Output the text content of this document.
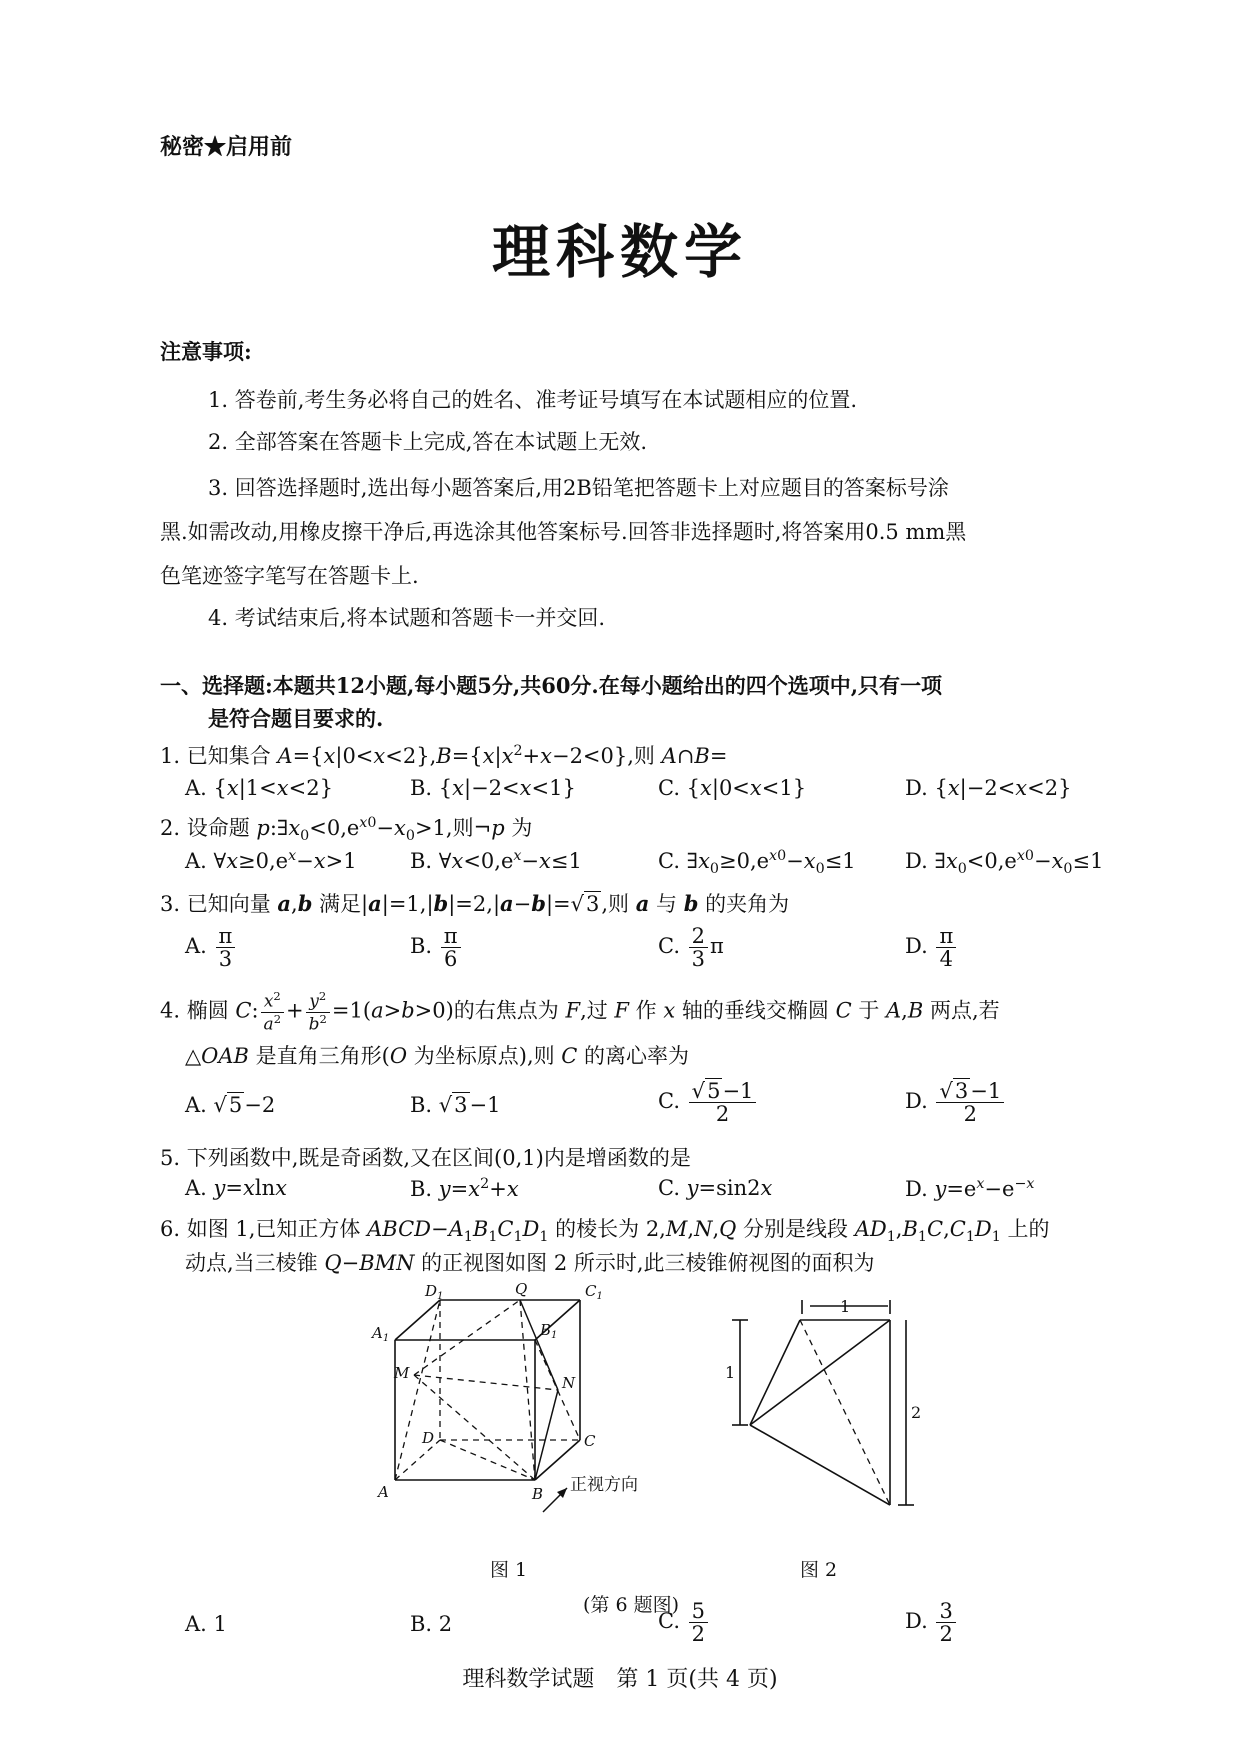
秘密★启用前
理科数学
注意事项:
1. 答卷前,考生务必将自己的姓名、准考证号填写在本试题相应的位置.
2. 全部答案在答题卡上完成,答在本试题上无效.
3. 回答选择题时,选出每小题答案后,用2B铅笔把答题卡上对应题目的答案标号涂
黑.如需改动,用橡皮擦干净后,再选涂其他答案标号.回答非选择题时,将答案用0.5 mm黑
色笔迹签字笔写在答题卡上.
4. 考试结束后,将本试题和答题卡一并交回.
一、选择题:本题共12小题,每小题5分,共60分.在每小题给出的四个选项中,只有一项
是符合题目要求的.
1. 已知集合 $A=\{x|0<x<2\},B=\{x|x^2+x-2<0\}$,则 A∩B=
A. {x|1<x<2}	B. {x|−2<x<1}	C. {x|0<x<1}	D. {x|−2<x<2}
2. 设命题 $p:\exists x_0<0,e^{x0}-x_0>1$,则¬p 为
A. $\forall x\ge 0,e^x-x>1$	B. $\forall x<0,e^x-x\le 1$	C. $\exists x_0\ge 0,e^{x0}-x_0\le 1$ D. $\exists x_0<0,e^{x0}-x_0\le 1$
3. 已知向量 a,b 满足|a|=1,|b|=2,|a−b|=√3,则 a 与 b 的夹角为
A. $\frac{\pi}{3}$	B. $\frac{\pi}{6}$	C. $\frac{2}{3}$ π	D. $\frac{\pi}{4}$
4. 椭圆 C: $\frac{x^2}{a^2} + \frac{y^2}{b^2} =1(a>b>0)$的右焦点为 F,过 F 作 x 轴的垂线交椭圆 C 于 A,B 两点,若
△OAB 是直角三角形(O 为坐标原点),则 C 的离心率为
A. √5−2	B. √3−1	C. $\frac{√5-1}{2}$	D. $\frac{√3-1}{2}$
5. 下列函数中,既是奇函数,又在区间(0,1)内是增函数的是
A. y=xlnx	B. $y=x^2+x$	C. y=sin2x	D. $y=e^x-e^{-x}$
6. 如图 1,已知正方体 $ABCD-A_1B_1C_1D_1$ 的棱长为 2,M,N,Q 分别是线段 $AD_1,B_1C,C_1D_1$ 上的
动点,当三棱锥 Q−BMN 的正视图如图 2 所示时,此三棱锥俯视图的面积为
$D_1$	Q	$C_1$
$A_1$	$B_1$
M
N
D	C
A	B 正视方向
1
1
2
图 1	图 2
(第 6 题图)
A. 1	B. 2	C. $\frac{5}{2}$	D. $\frac{3}{2}$
理科数学试题　第 1 页(共 4 页)
